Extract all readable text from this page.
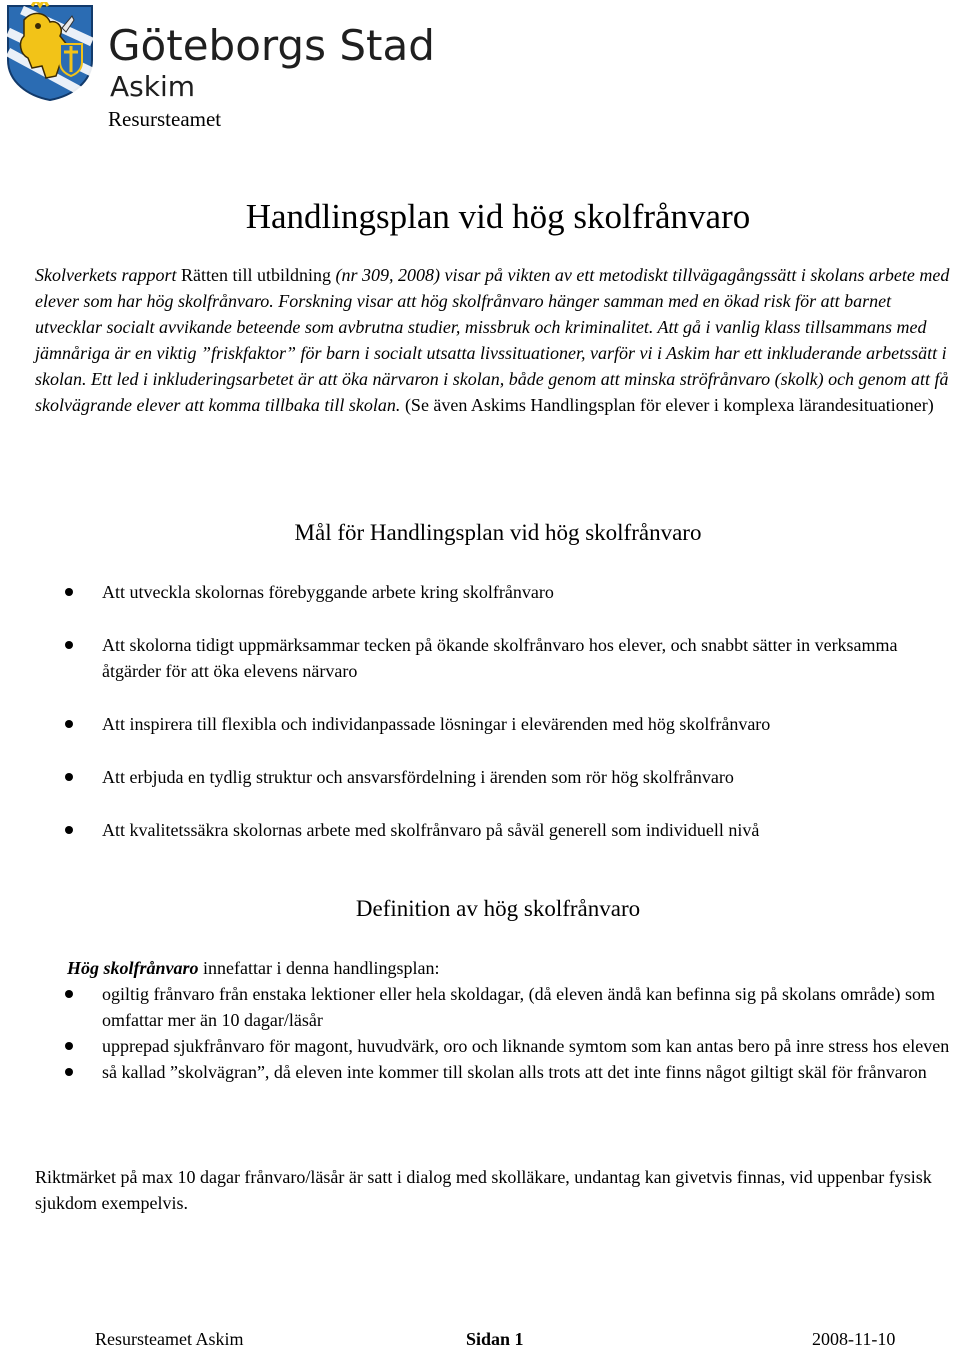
Göteborgs Stad
Askim
Resursteamet
Handlingsplan vid hög skolfrånvaro

Skolverkets rapport Rätten till utbildning (nr 309, 2008) visar på vikten av ett metodiskt tillvägagångssätt i skolans arbete med elever som har hög skolfrånvaro. Forskning visar att hög skolfrånvaro hänger samman med en ökad risk för att barnet utvecklar socialt avvikande beteende som avbrutna studier, missbruk och kriminalitet. Att gå i vanlig klass tillsammans med jämnåriga är en viktig ”friskfaktor” för barn i socialt utsatta livssituationer, varför vi i Askim har ett inkluderande arbetssätt i skolan. Ett led i inkluderingsarbetet är att öka närvaron i skolan, både genom att minska ströfrånvaro (skolk) och genom att få skolvägrande elever att komma tillbaka till skolan. (Se även Askims Handlingsplan för elever i komplexa lärandesituationer)

Mål för Handlingsplan vid hög skolfrånvaro
Att utveckla skolornas förebyggande arbete kring skolfrånvaro
Att skolorna tidigt uppmärksammar tecken på ökande skolfrånvaro hos elever, och snabbt sätter in verksamma åtgärder för att öka elevens närvaro
Att inspirera till flexibla och individanpassade lösningar i elevärenden med hög skolfrånvaro
Att erbjuda en tydlig struktur och ansvarsfördelning i ärenden som rör hög skolfrånvaro
Att kvalitetssäkra skolornas arbete med skolfrånvaro på såväl generell som individuell nivå
Definition av hög skolfrånvaro
Hög skolfrånvaro innefattar i denna handlingsplan:
ogiltig frånvaro från enstaka lektioner eller hela skoldagar, (då eleven ändå kan befinna sig på skolans område) som omfattar mer än 10 dagar/läsår
upprepad sjukfrånvaro för magont, huvudvärk, oro och liknande symtom som kan antas bero på inre stress hos eleven
så kallad ”skolvägran”, då eleven inte kommer till skolan alls trots att det inte finns något giltigt skäl för frånvaron

Riktmärket på max 10 dagar frånvaro/läsår är satt i dialog med skolläkare, undantag kan givetvis finnas, vid uppenbar fysisk sjukdom exempelvis.

Resursteamet Askim	Sidan 1	2008-11-10
